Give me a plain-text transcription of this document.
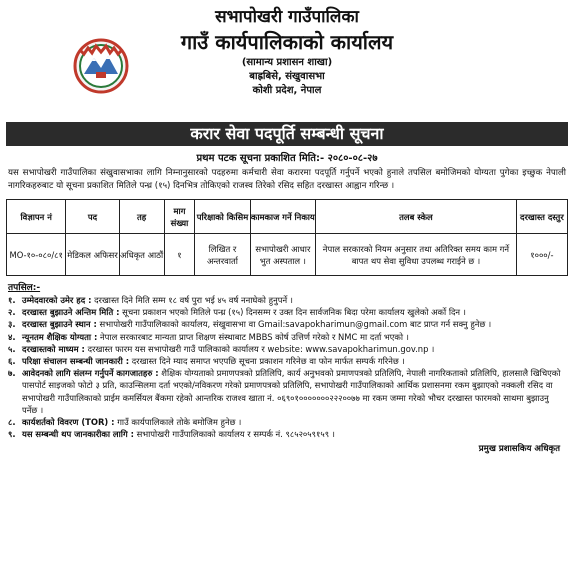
सभापोखरी गाउँपालिका
गाउँ कार्यपालिकाको कार्यालय
(सामान्य प्रशासन शाखा)
बाह्रबिसे, संखुवासभा
कोशी प्रदेश, नेपाल
करार सेवा पदपूर्ति सम्बन्धी सूचना
प्रथम पटक सूचना प्रकाशित मिति:- २०८०-०८-२७
यस सभापोखरी गाउँपालिका संखुवासभाका लागि निम्नानुसारको पदहरुमा कर्मचारी सेवा करारमा पदपूर्ति गर्नुपर्ने भएको हुनाले तपसिल बमोजिमको योग्यता पुगेका इच्छुक नेपाली नागरिकहरुबाट यो सूचना प्रकाशित मितिले पन्ध्र (१५) दिनभित्र तोकिएको राजस्व तिरेको रसिद सहित दरखास्त आह्वान गरिन्छ ।
विज्ञापन नं	पद	तह	माग संख्या	परिक्षाको किसिम	कामकाज गर्ने निकाय	तलब स्केल	दरखास्त दस्तुर
MO-१०-०८०/८१	मेडिकल अफिसर	अधिकृत आठौं	१	लिखित र अन्तरवार्ता	सभापोखरी आधार भुत अस्पताल ।	नेपाल सरकारको नियम अनुसार तथा अतिरिक्त समय काम गर्ने बापत थप सेवा सुविधा उपलब्ध गराईने छ ।	१०००/-
तपसिल:-
१. उम्मेदवारको उमेर हद : दरखास्त दिने मिति सम्म १८ वर्ष पुरा भई ४५ वर्ष ननाघेको हुनुपर्ने ।
२. दरखास्त बुझाउने अन्तिम मिति : सूचना प्रकाशन भएको मितिले पन्ध्र (१५) दिनसम्म र उक्त दिन सार्वजनिक बिदा परेमा कार्यालय खुलेको अर्को दिन ।
३. दरखास्त बुझाउने स्थान : सभापोखरी गाउँपालिकाको कार्यालय, संखुवासभा वा Gmail:savapokharimun@gmail.com बाट प्राप्त गर्न सक्नु हुनेछ ।
४. न्यूनतम शैक्षिक योग्यता : नेपाल सरकारबाट मान्यता प्राप्त शिक्षण संस्थाबाट MBBS कोर्ष उत्तिर्ण गरेको र NMC मा दर्ता भएको ।
५. दरखास्तको माध्यम : दरखास्त फारम यस सभापोखरी गाउँ पालिकाको कार्यालय र website: www.savapokharimun.gov.np ।
६. परिक्षा संचालन सम्बन्धी जानकारी : दरखास्त दिने म्याद समाप्त भएपछि सूचना प्रकाशन गरिनेछ वा फोन मार्फत सम्पर्क गरिनेछ ।
७. आवेदनको लागि संलग्न गर्नुपर्ने कागजातहरु : शैक्षिक योग्यताको प्रमाणपत्रको प्रतिलिपि, कार्य अनुभवको प्रमाणपत्रको प्रतिलिपि, नेपाली नागरिकताको प्रतिलिपि, हालसालै खिचिएको पासपोर्ट साइजको फोटो ३ प्रति, काउन्सिलमा दर्ता भएको/नविकरण गरेको प्रमाणपत्रको प्रतिलिपि, सभापोखरी गाउँपालिकाको आर्थिक प्रशासनमा रकम बुझाएको नक्कली रसिद वा सभापोखरी गाउँपालिकाको प्राईम कमर्सियल बैंकमा रहेको आन्तरिक राजश्व खाता नं. ०६९०१०००००००२२२००७७ मा रकम जम्मा गरेको भौचर दरखास्त फारमको साथमा बुझाउनु पर्नेछ ।
८. कार्यशर्तको विवरण (TOR) : गाउँ कार्यपालिकाले तोके बमोजिम हुनेछ ।
९. यस सम्बन्धी थप जानकारीका लागि : सभापोखरी गाउँपालिकाको कार्यालय र सम्पर्क नं. ९८५२०५९१५९ ।
प्रमुख प्रशासकिय अधिकृत
